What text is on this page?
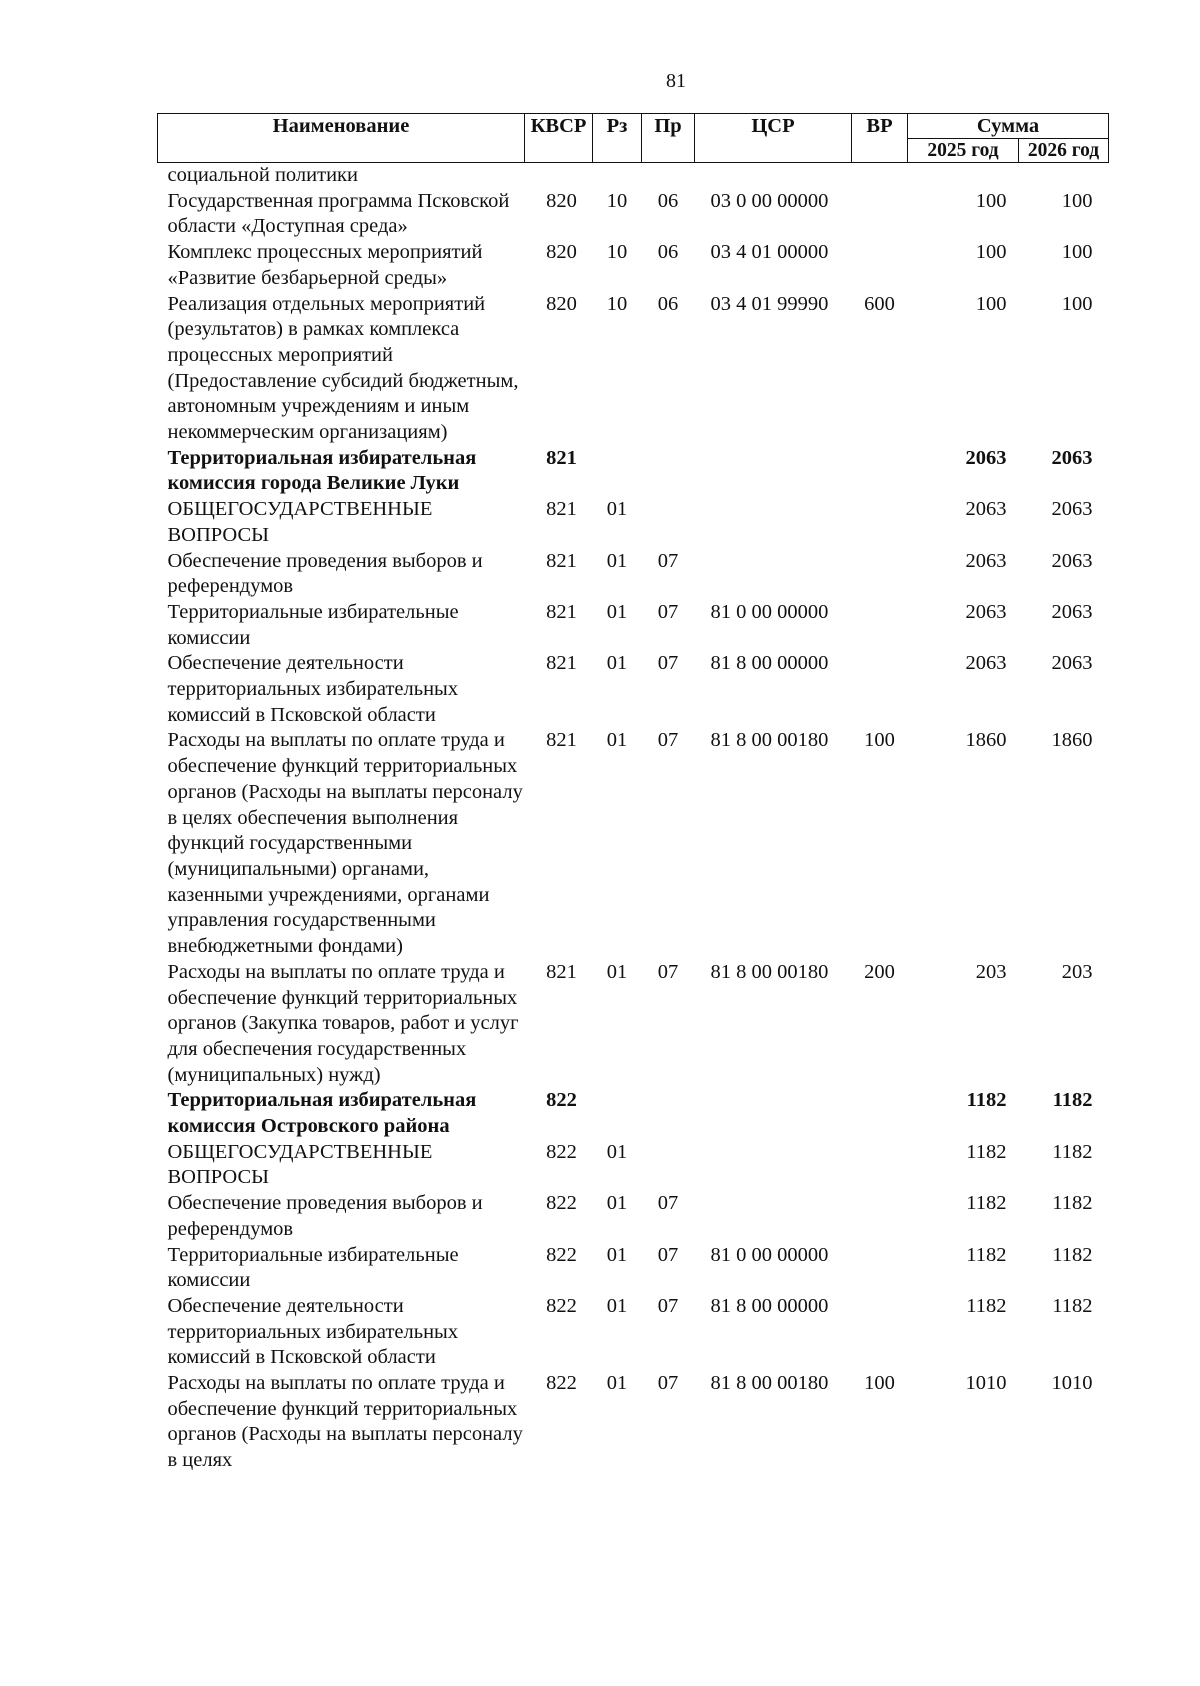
81
Наименование	КВСР	Рз	Пр	ЦСР	ВР	Сумма	
						2025 год	2026 год
социальной политики							
Государственная программа Псковской области «Доступная среда»	820	10	06	03 0 00 00000		100	100
Комплекс процессных мероприятий «Развитие безбарьерной среды»	820	10	06	03 4 01 00000		100	100
Реализация отдельных мероприятий (результатов) в рамках комплекса процессных мероприятий (Предоставление субсидий бюджетным, автономным учреждениям и иным некоммерческим организациям)	820	10	06	03 4 01 99990	600	100	100
Территориальная избирательная комиссия города Великие Луки	821					2063	2063
ОБЩЕГОСУДАРСТВЕННЫЕ ВОПРОСЫ	821	01				2063	2063
Обеспечение проведения выборов и референдумов	821	01	07			2063	2063
Территориальные избирательные комиссии	821	01	07	81 0 00 00000		2063	2063
Обеспечение деятельности территориальных избирательных комиссий в Псковской области	821	01	07	81 8 00 00000		2063	2063
Расходы на выплаты по оплате труда и обеспечение функций территориальных органов (Расходы на выплаты персоналу в целях обеспечения выполнения функций государственными (муниципальными) органами, казенными учреждениями, органами управления государственными внебюджетными фондами)	821	01	07	81 8 00 00180	100	1860	1860
Расходы на выплаты по оплате труда и обеспечение функций территориальных органов (Закупка товаров, работ и услуг для обеспечения государственных (муниципальных) нужд)	821	01	07	81 8 00 00180	200	203	203
Территориальная избирательная комиссия Островского района	822					1182	1182
ОБЩЕГОСУДАРСТВЕННЫЕ ВОПРОСЫ	822	01				1182	1182
Обеспечение проведения выборов и референдумов	822	01	07			1182	1182
Территориальные избирательные комиссии	822	01	07	81 0 00 00000		1182	1182
Обеспечение деятельности территориальных избирательных комиссий в Псковской области	822	01	07	81 8 00 00000		1182	1182
Расходы на выплаты по оплате труда и обеспечение функций территориальных органов (Расходы на выплаты персоналу в целях	822	01	07	81 8 00 00180	100	1010	1010
